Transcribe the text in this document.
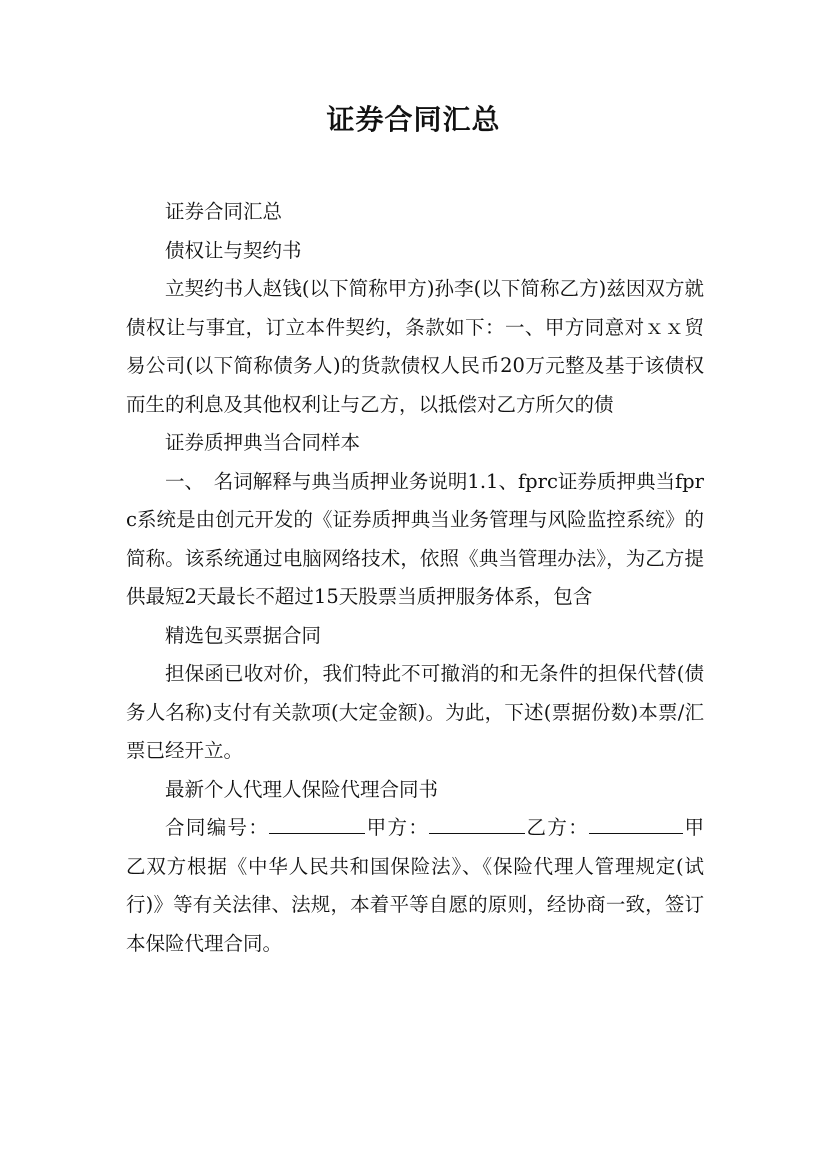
证券合同汇总

证券合同汇总

债权让与契约书

立契约书人赵钱(以下简称甲方)孙李(以下简称乙方)兹因双方就债权让与事宜，订立本件契约，条款如下：一、甲方同意对ｘｘ贸易公司(以下简称债务人)的货款债权人民币20万元整及基于该债权而生的利息及其他权利让与乙方，以抵偿对乙方所欠的债

证券质押典当合同样本

一、　名词解释与典当质押业务说明1.1、fprc证券质押典当fprc系统是由创元开发的《证券质押典当业务管理与风险监控系统》的简称。该系统通过电脑网络技术，依照《典当管理办法》，为乙方提供最短2天最长不超过15天股票当质押服务体系，包含

精选包买票据合同

担保函已收对价，我们特此不可撤消的和无条件的担保代替(债务人名称)支付有关款项(大定金额)。为此，下述(票据份数)本票/汇票已经开立。

最新个人代理人保险代理合同书

合同编号：	甲方：	乙方：	甲乙双方根据《中华人民共和国保险法》、《保险代理人管理规定(试行)》等有关法律、法规，本着平等自愿的原则，经协商一致，签订本保险代理合同。
